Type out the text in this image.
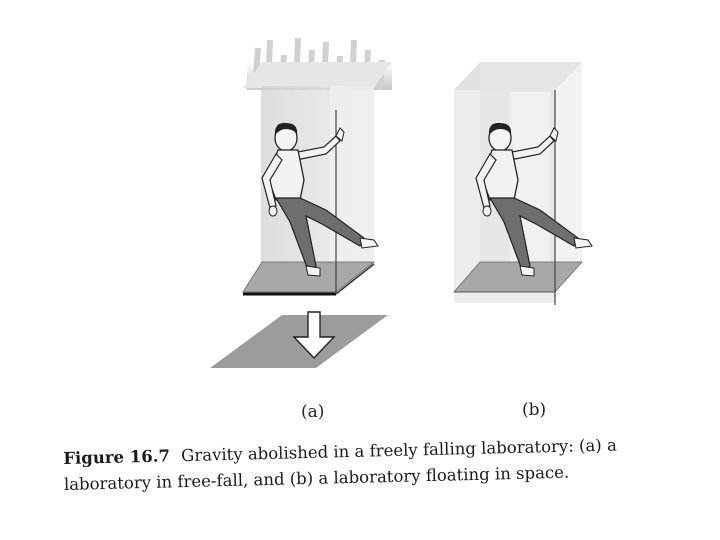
(a)	(b)
Figure 16.7 Gravity abolished in a freely falling laboratory: (a) a laboratory in free-fall, and (b) a laboratory floating in space.
